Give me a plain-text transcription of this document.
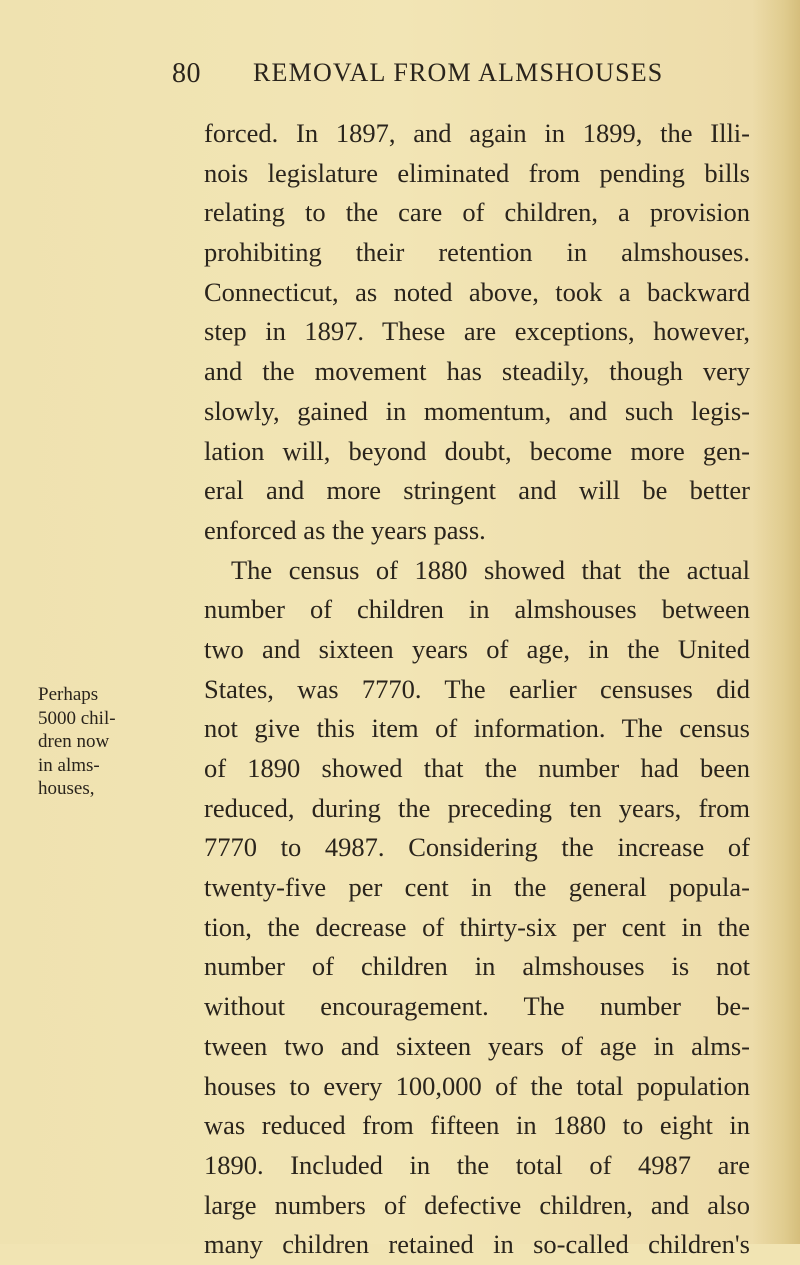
80 REMOVAL FROM ALMSHOUSES
Perhaps
5000 chil-
dren now
in alms-
houses,
forced. In 1897, and again in 1899, the Illi-
nois legislature eliminated from pending bills
relating to the care of children, a provision
prohibiting their retention in almshouses.
Connecticut, as noted above, took a backward
step in 1897. These are exceptions, however,
and the movement has steadily, though very
slowly, gained in momentum, and such legis-
lation will, beyond doubt, become more gen-
eral and more stringent and will be better
enforced as the years pass.
The census of 1880 showed that the actual
number of children in almshouses between
two and sixteen years of age, in the United
States, was 7770. The earlier censuses did
not give this item of information. The census
of 1890 showed that the number had been
reduced, during the preceding ten years, from
7770 to 4987. Considering the increase of
twenty-five per cent in the general popula-
tion, the decrease of thirty-six per cent in the
number of children in almshouses is not
without encouragement. The number be-
tween two and sixteen years of age in alms-
houses to every 100,000 of the total population
was reduced from fifteen in 1880 to eight in
1890. Included in the total of 4987 are
large numbers of defective children, and also
many children retained in so-called children's
